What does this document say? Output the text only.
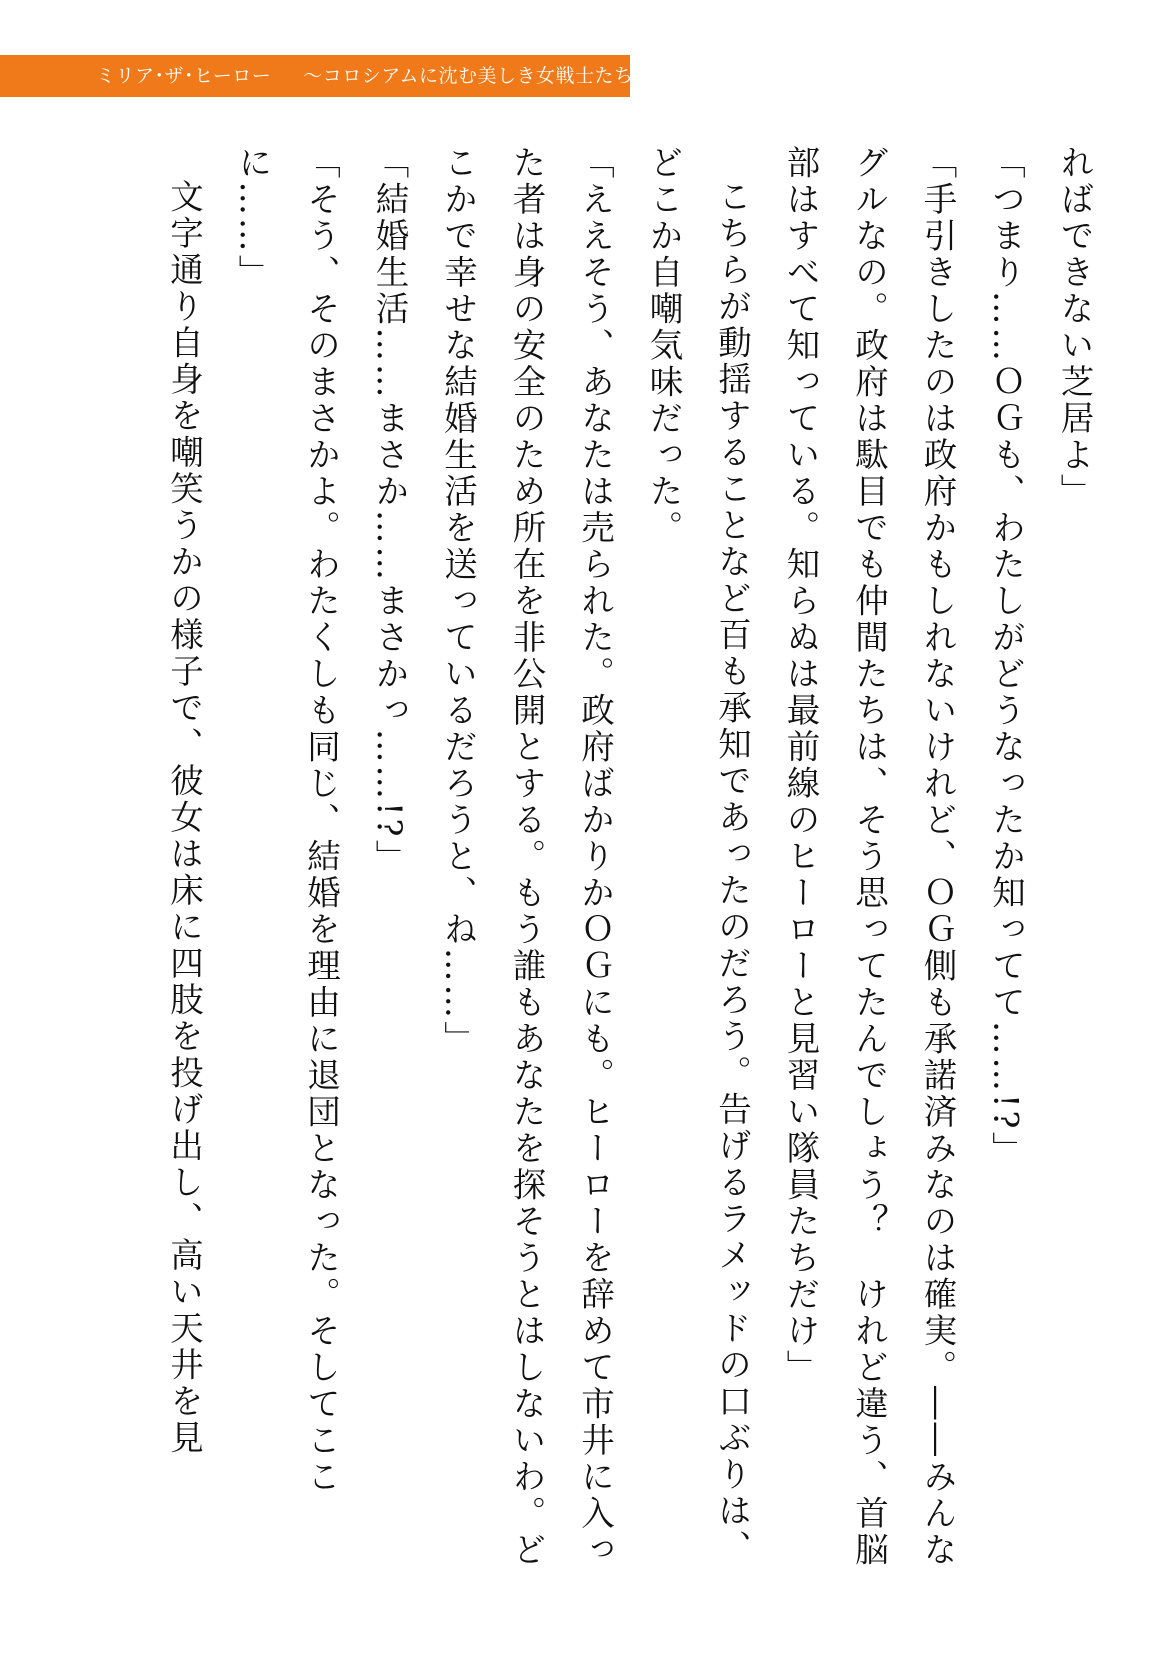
ミリア･ザ･ヒーロー 〜コロシアムに沈む美しき女戦士たち〜

ればできない芝居よ」

「つまり……ＯＧも、わたしがどうなったか知ってて……!?」

「手引きしたのは政府かもしれないけれど、ＯＧ側も承諾済みなのは確実。――みんなグルなの。政府は駄目でも仲間たちは、そう思ってたんでしょう？　けれど違う、首脳部はすべて知っている。知らぬは最前線のヒーローと見習い隊員たちだけ」

こちらが動揺することなど百も承知であったのだろう。告げるラメッドの口ぶりは、どこか自嘲気味だった。

「ええそう、あなたは売られた。政府ばかりかＯＧにも。ヒーローを辞めて市井に入った者は身の安全のため所在を非公開とする。もう誰もあなたを探そうとはしないわ。どこかで幸せな結婚生活を送っているだろうと、ね……」

「結婚生活……まさか……まさかっ……!?」

「そう、そのまさかよ。わたくしも同じ、結婚を理由に退団となった。そしてここに……」

文字通り自身を嘲笑うかの様子で、彼女は床に四肢を投げ出し、高い天井を見
